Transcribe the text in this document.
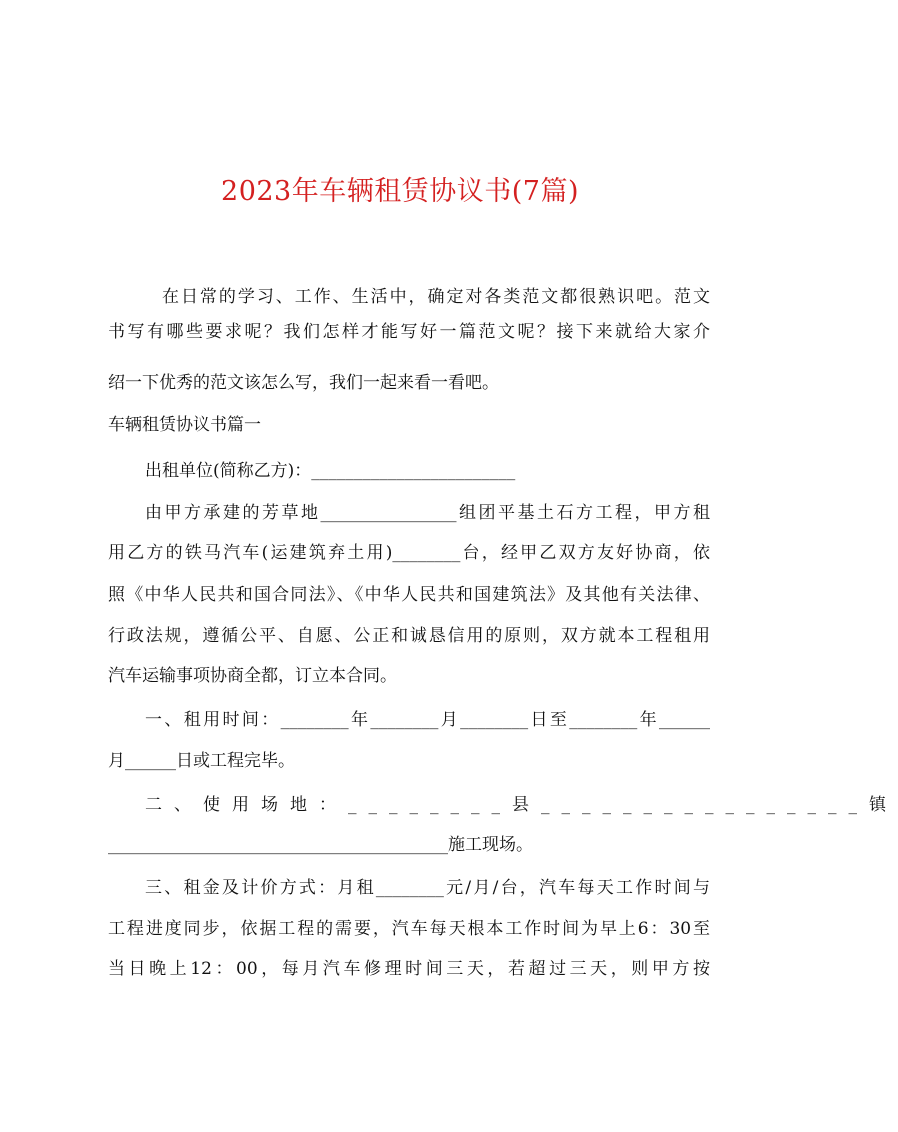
2023年车辆租赁协议书(7篇)
在日常的学习、工作、生活中，确定对各类范文都很熟识吧。范文
书写有哪些要求呢？我们怎样才能写好一篇范文呢？接下来就给大家介
绍一下优秀的范文该怎么写，我们一起来看一看吧。
车辆租赁协议书篇一
出租单位(简称乙方)：________________________
由甲方承建的芳草地________________组团平基土石方工程，甲方租
用乙方的铁马汽车(运建筑弃土用)________台，经甲乙双方友好协商，依
照《中华人民共和国合同法》、《中华人民共和国建筑法》及其他有关法律、
行政法规，遵循公平、自愿、公正和诚恳信用的原则，双方就本工程租用
汽车运输事项协商全都，订立本合同。
一、租用时间：________年________月________日至________年______
月______日或工程完毕。
二、使用场地：________县________________镇
________________________________________施工现场。
三、租金及计价方式：月租________元/月/台，汽车每天工作时间与
工程进度同步，依据工程的需要，汽车每天根本工作时间为早上6：30至
当日晚上12：00，每月汽车修理时间三天，若超过三天，则甲方按
